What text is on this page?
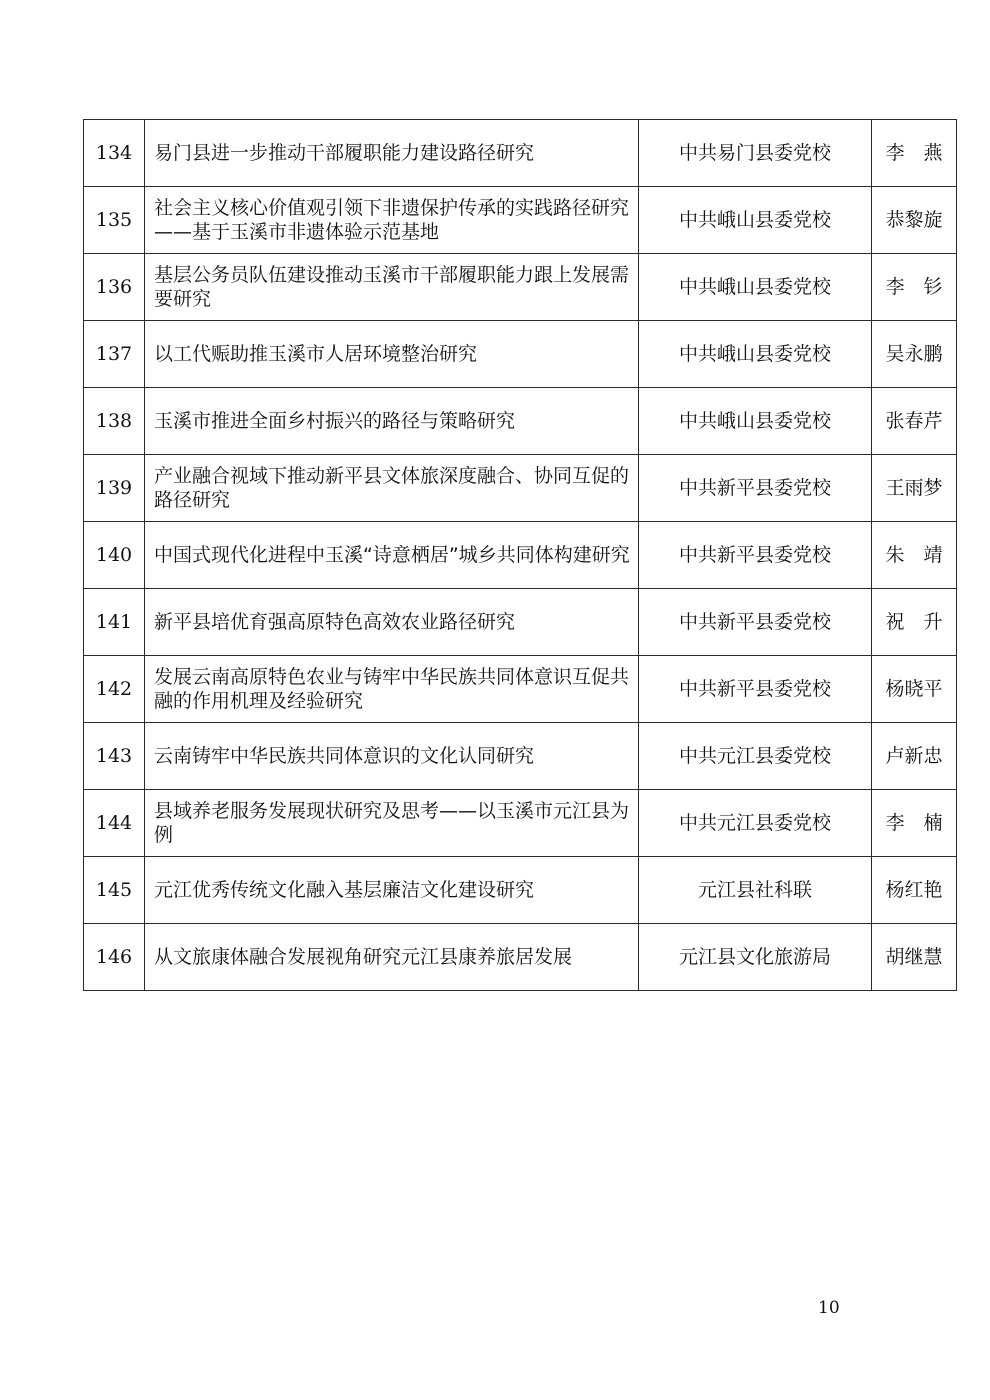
134	易门县进一步推动干部履职能力建设路径研究	中共易门县委党校	李　燕
135	社会主义核心价值观引领下非遗保护传承的实践路径研究——基于玉溪市非遗体验示范基地	中共峨山县委党校	恭黎旋
136	基层公务员队伍建设推动玉溪市干部履职能力跟上发展需要研究	中共峨山县委党校	李　钐
137	以工代赈助推玉溪市人居环境整治研究	中共峨山县委党校	吴永鹏
138	玉溪市推进全面乡村振兴的路径与策略研究	中共峨山县委党校	张春芹
139	产业融合视域下推动新平县文体旅深度融合、协同互促的路径研究	中共新平县委党校	王雨梦
140	中国式现代化进程中玉溪“诗意栖居”城乡共同体构建研究	中共新平县委党校	朱　靖
141	新平县培优育强高原特色高效农业路径研究	中共新平县委党校	祝　升
142	发展云南高原特色农业与铸牢中华民族共同体意识互促共融的作用机理及经验研究	中共新平县委党校	杨晓平
143	云南铸牢中华民族共同体意识的文化认同研究	中共元江县委党校	卢新忠
144	县域养老服务发展现状研究及思考——以玉溪市元江县为例	中共元江县委党校	李　楠
145	元江优秀传统文化融入基层廉洁文化建设研究	元江县社科联	杨红艳
146	从文旅康体融合发展视角研究元江县康养旅居发展	元江县文化旅游局	胡继慧
10
